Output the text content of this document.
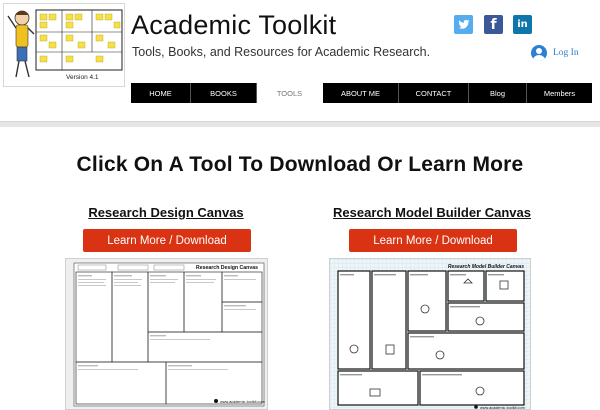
Version 4.1
Academic Toolkit
Tools, Books, and Resources for Academic Research.
f in
Log In
HOME	BOOKS	TOOLS	ABOUT ME	CONTACT	Blog	Members
Click On A Tool To Download Or Learn More
Research Design Canvas
Learn More / Download
Research Model Builder Canvas
Learn More / Download
Research Design Canvas
www.academic-toolkit.com
Research Model Builder Canvas
www.academic-toolkit.com
